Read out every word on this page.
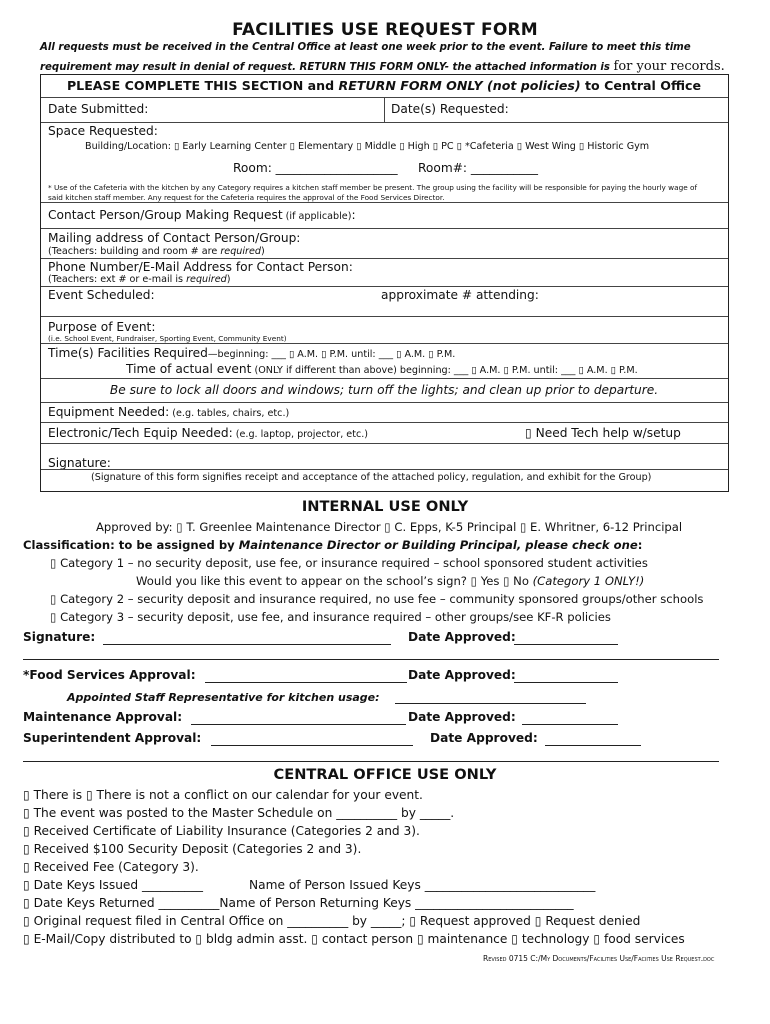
FACILITIES USE REQUEST FORM
All requests must be received in the Central Office at least one week prior to the event. Failure to meet this time
requirement may result in denial of request. RETURN THIS FORM ONLY- the attached information is for your records.
PLEASE COMPLETE THIS SECTION and RETURN FORM ONLY (not policies) to Central Office
Date Submitted:	Date(s) Requested:
Space Requested:
Building/Location: ▯ Early Learning Center ▯ Elementary ▯ Middle ▯ High ▯ PC ▯ *Cafeteria ▯ West Wing ▯ Historic Gym
Room: ____________________ Room#: ___________
* Use of the Cafeteria with the kitchen by any Category requires a kitchen staff member be present. The group using the facility will be responsible for paying the hourly wage of
said kitchen staff member. Any request for the Cafeteria requires the approval of the Food Services Director.
Contact Person/Group Making Request (if applicable):
Mailing address of Contact Person/Group:
(Teachers: building and room # are required)
Phone Number/E-Mail Address for Contact Person:
(Teachers: ext # or e-mail is required)
Event Scheduled:	approximate # attending:
Purpose of Event:
(i.e. School Event, Fundraiser, Sporting Event, Community Event)
Time(s) Facilities Required—beginning: ___ ▯ A.M. ▯ P.M. until: ___ ▯ A.M. ▯ P.M.
Time of actual event (ONLY if different than above) beginning: ___ ▯ A.M. ▯ P.M. until: ___ ▯ A.M. ▯ P.M.
Be sure to lock all doors and windows; turn off the lights; and clean up prior to departure.
Equipment Needed: (e.g. tables, chairs, etc.)
Electronic/Tech Equip Needed: (e.g. laptop, projector, etc.)	▯ Need Tech help w/setup
Signature:
(Signature of this form signifies receipt and acceptance of the attached policy, regulation, and exhibit for the Group)
INTERNAL USE ONLY
Approved by: ▯ T. Greenlee Maintenance Director ▯ C. Epps, K-5 Principal ▯ E. Whritner, 6-12 Principal
Classification: to be assigned by Maintenance Director or Building Principal, please check one:
▯ Category 1 – no security deposit, use fee, or insurance required – school sponsored student activities
Would you like this event to appear on the school’s sign? ▯ Yes ▯ No (Category 1 ONLY!)
▯ Category 2 – security deposit and insurance required, no use fee – community sponsored groups/other schools
▯ Category 3 – security deposit, use fee, and insurance required – other groups/see KF-R policies
Signature:	Date Approved:
*Food Services Approval:	Date Approved:
Appointed Staff Representative for kitchen usage:
Maintenance Approval:	Date Approved:
Superintendent Approval:	Date Approved:
CENTRAL OFFICE USE ONLY
▯ There is ▯ There is not a conflict on our calendar for your event.
▯ The event was posted to the Master Schedule on __________ by _____.
▯ Received Certificate of Liability Insurance (Categories 2 and 3).
▯ Received $100 Security Deposit (Categories 2 and 3).
▯ Received Fee (Category 3).
▯ Date Keys Issued __________	Name of Person Issued Keys ____________________________
▯ Date Keys Returned __________Name of Person Returning Keys __________________________
▯ Original request filed in Central Office on __________ by _____; ▯ Request approved ▯ Request denied
▯ E-Mail/Copy distributed to ▯ bldg admin asst. ▯ contact person ▯ maintenance ▯ technology ▯ food services
Revised 0715 C:/My Documents/Facilities Use/Faciities Use Request.doc
